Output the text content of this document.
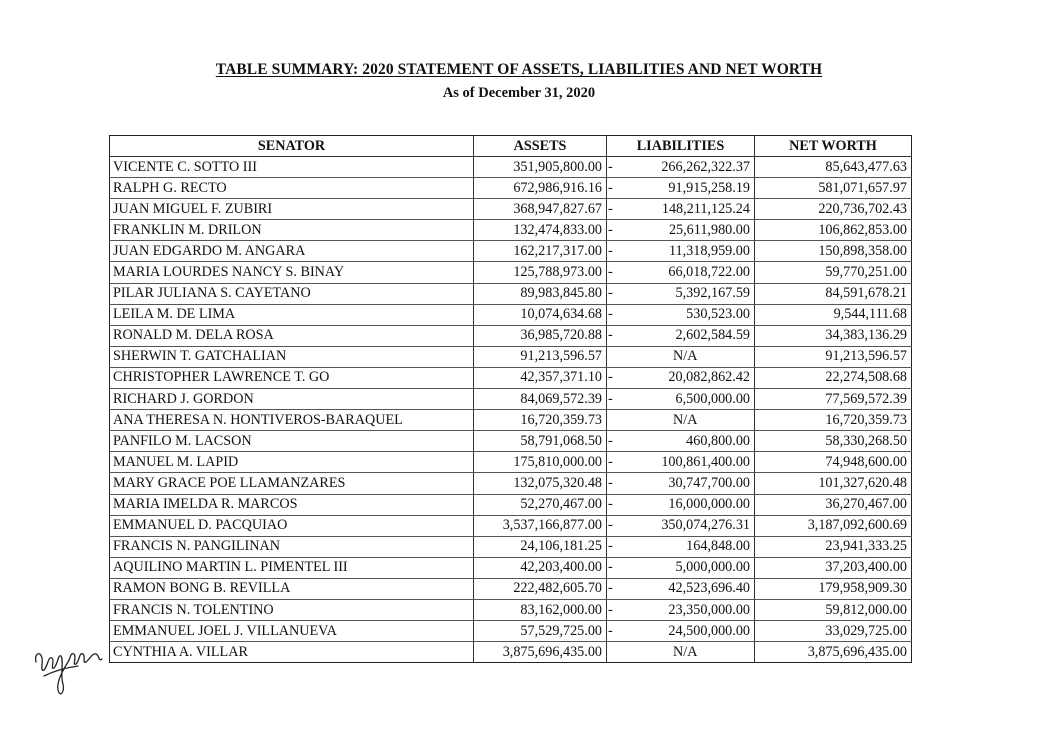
TABLE SUMMARY: 2020 STATEMENT OF ASSETS, LIABILITIES AND NET WORTH
As of December 31, 2020
SENATOR	ASSETS	LIABILITIES		NET WORTH
VICENTE C. SOTTO III	351,905,800.00	-	266,262,322.37	85,643,477.63
RALPH G. RECTO	672,986,916.16	-	91,915,258.19	581,071,657.97
JUAN MIGUEL F. ZUBIRI	368,947,827.67	-	148,211,125.24	220,736,702.43
FRANKLIN M. DRILON	132,474,833.00	-	25,611,980.00	106,862,853.00
JUAN EDGARDO M. ANGARA	162,217,317.00	-	11,318,959.00	150,898,358.00
MARIA LOURDES NANCY S. BINAY	125,788,973.00	-	66,018,722.00	59,770,251.00
PILAR JULIANA S. CAYETANO	89,983,845.80	-	5,392,167.59	84,591,678.21
LEILA M. DE LIMA	10,074,634.68	-	530,523.00	9,544,111.68
RONALD M. DELA ROSA	36,985,720.88	-	2,602,584.59	34,383,136.29
SHERWIN T. GATCHALIAN	91,213,596.57		N/A	91,213,596.57
CHRISTOPHER LAWRENCE T. GO	42,357,371.10	-	20,082,862.42	22,274,508.68
RICHARD J. GORDON	84,069,572.39	-	6,500,000.00	77,569,572.39
ANA THERESA N. HONTIVEROS-BARAQUEL	16,720,359.73		N/A	16,720,359.73
PANFILO M. LACSON	58,791,068.50	-	460,800.00	58,330,268.50
MANUEL M. LAPID	175,810,000.00	-	100,861,400.00	74,948,600.00
MARY GRACE POE LLAMANZARES	132,075,320.48	-	30,747,700.00	101,327,620.48
MARIA IMELDA R. MARCOS	52,270,467.00	-	16,000,000.00	36,270,467.00
EMMANUEL D. PACQUIAO	3,537,166,877.00	-	350,074,276.31	3,187,092,600.69
FRANCIS N. PANGILINAN	24,106,181.25	-	164,848.00	23,941,333.25
AQUILINO MARTIN L. PIMENTEL III	42,203,400.00	-	5,000,000.00	37,203,400.00
RAMON BONG B. REVILLA	222,482,605.70	-	42,523,696.40	179,958,909.30
FRANCIS N. TOLENTINO	83,162,000.00	-	23,350,000.00	59,812,000.00
EMMANUEL JOEL J. VILLANUEVA	57,529,725.00	-	24,500,000.00	33,029,725.00
CYNTHIA A. VILLAR	3,875,696,435.00		N/A	3,875,696,435.00
